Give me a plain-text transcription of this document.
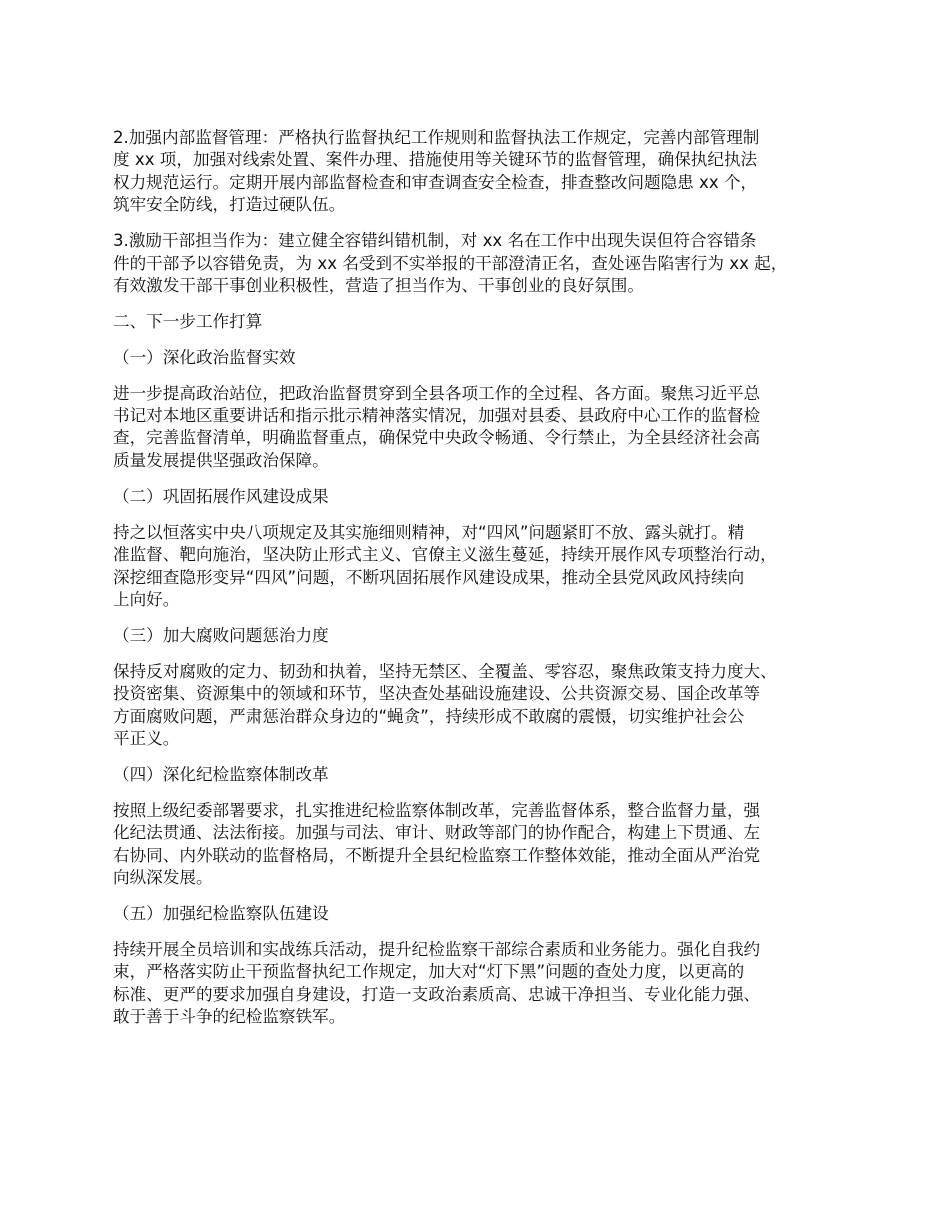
2.加强内部监督管理：严格执行监督执纪工作规则和监督执法工作规定，完善内部管理制
度 xx 项，加强对线索处置、案件办理、措施使用等关键环节的监督管理，确保执纪执法
权力规范运行。定期开展内部监督检查和审查调查安全检查，排查整改问题隐患 xx 个，
筑牢安全防线，打造过硬队伍。

3.激励干部担当作为：建立健全容错纠错机制，对 xx 名在工作中出现失误但符合容错条
件的干部予以容错免责，为 xx 名受到不实举报的干部澄清正名，查处诬告陷害行为 xx 起，
有效激发干部干事创业积极性，营造了担当作为、干事创业的良好氛围。

二、下一步工作打算

（一）深化政治监督实效

进一步提高政治站位，把政治监督贯穿到全县各项工作的全过程、各方面。聚焦习近平总
书记对本地区重要讲话和指示批示精神落实情况，加强对县委、县政府中心工作的监督检
查，完善监督清单，明确监督重点，确保党中央政令畅通、令行禁止，为全县经济社会高
质量发展提供坚强政治保障。

（二）巩固拓展作风建设成果

持之以恒落实中央八项规定及其实施细则精神，对“四风”问题紧盯不放、露头就打。精
准监督、靶向施治，坚决防止形式主义、官僚主义滋生蔓延，持续开展作风专项整治行动，
深挖细查隐形变异“四风”问题，不断巩固拓展作风建设成果，推动全县党风政风持续向
上向好。

（三）加大腐败问题惩治力度

保持反对腐败的定力、韧劲和执着，坚持无禁区、全覆盖、零容忍，聚焦政策支持力度大、
投资密集、资源集中的领域和环节，坚决查处基础设施建设、公共资源交易、国企改革等
方面腐败问题，严肃惩治群众身边的“蝇贪”，持续形成不敢腐的震慑，切实维护社会公
平正义。

（四）深化纪检监察体制改革

按照上级纪委部署要求，扎实推进纪检监察体制改革，完善监督体系，整合监督力量，强
化纪法贯通、法法衔接。加强与司法、审计、财政等部门的协作配合，构建上下贯通、左
右协同、内外联动的监督格局，不断提升全县纪检监察工作整体效能，推动全面从严治党
向纵深发展。

（五）加强纪检监察队伍建设

持续开展全员培训和实战练兵活动，提升纪检监察干部综合素质和业务能力。强化自我约
束，严格落实防止干预监督执纪工作规定，加大对“灯下黑”问题的查处力度，以更高的
标准、更严的要求加强自身建设，打造一支政治素质高、忠诚干净担当、专业化能力强、
敢于善于斗争的纪检监察铁军。
